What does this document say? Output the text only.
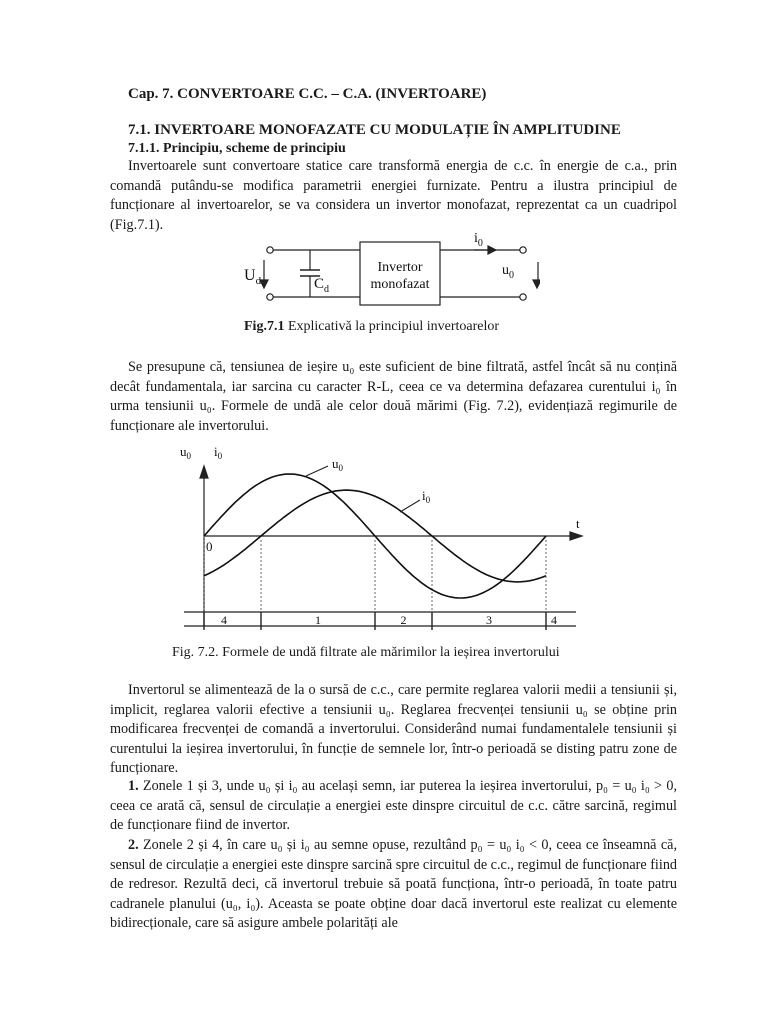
Cap. 7. CONVERTOARE C.C. – C.A. (INVERTOARE)
7.1. INVERTOARE MONOFAZATE CU MODULAȚIE ÎN AMPLITUDINE
7.1.1. Principiu, scheme de principiu
Invertoarele sunt convertoare statice care transformă energia de c.c. în energie de c.a., prin comandă putându-se modifica parametrii energiei furnizate. Pentru a ilustra principiul de funcționare al invertoarelor, se va considera un invertor monofazat, reprezentat ca un cuadripol (Fig.7.1).
Invertor
monofazat
$U_d$	$C_d$
$i_0$
$u_0$
Fig.7.1 Explicativă la principiul invertoarelor
Se presupune că, tensiunea de ieșire u₀ este suficient de bine filtrată, astfel încât să nu conțină decât fundamentala, iar sarcina cu caracter R-L, ceea ce va determina defazarea curentului i₀ în urma tensiunii u₀. Formele de undă ale celor două mărimi (Fig. 7.2), evidențiază regimurile de funcționare ale invertorului.
4	1	2	3	4
$u_0$ $i_0$
t
0
$u_0$
$i_0$
Fig. 7.2. Formele de undă filtrate ale mărimilor la ieșirea invertorului
Invertorul se alimentează de la o sursă de c.c., care permite reglarea valorii medii a tensiunii și, implicit, reglarea valorii efective a tensiunii u₀. Reglarea frecvenței tensiunii u₀ se obține prin modificarea frecvenței de comandă a invertorului. Considerând numai fundamentalele tensiunii și curentului la ieșirea invertorului, în funcție de semnele lor, într-o perioadă se disting patru zone de funcționare.
1. Zonele 1 și 3, unde u₀ și i₀ au același semn, iar puterea la ieșirea invertorului, p₀ = u₀ i₀ > 0, ceea ce arată că, sensul de circulație a energiei este dinspre circuitul de c.c. către sarcină, regimul de funcționare fiind de invertor.
2. Zonele 2 și 4, în care u₀ și i₀ au semne opuse, rezultând p₀ = u₀ i₀ < 0, ceea ce înseamnă că, sensul de circulație a energiei este dinspre sarcină spre circuitul de c.c., regimul de funcționare fiind de redresor. Rezultă deci, că invertorul trebuie să poată funcționa, într-o perioadă, în toate patru cadranele planului (u₀, i₀). Aceasta se poate obține doar dacă invertorul este realizat cu elemente bidirecționale, care să asigure ambele polarități ale
